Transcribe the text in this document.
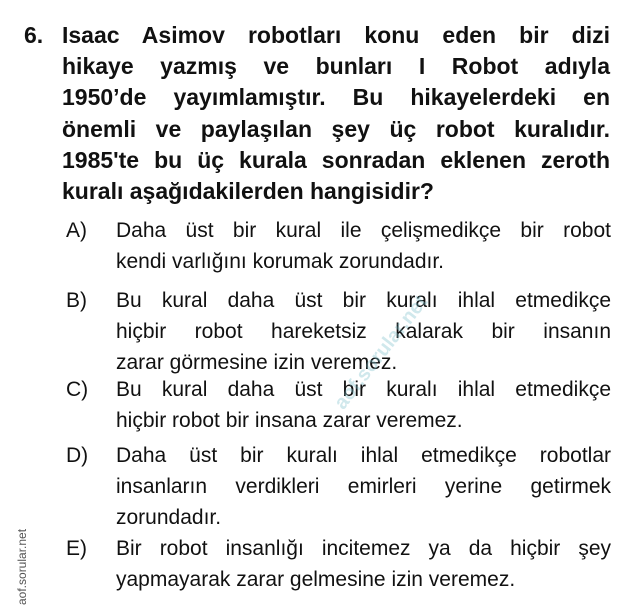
6. Isaac Asimov robotları konu eden bir dizi
hikaye yazmış ve bunları I Robot adıyla
1950’de yayımlamıştır. Bu hikayelerdeki en
önemli ve paylaşılan şey üç robot kuralıdır.
1985'te bu üç kurala sonradan eklenen zeroth
kuralı aşağıdakilerden hangisidir?
A) Daha üst bir kural ile çelişmedikçe bir robot
kendi varlığını korumak zorundadır.
B) Bu kural daha üst bir kuralı ihlal etmedikçe
hiçbir robot hareketsiz kalarak bir insanın
zarar görmesine izin veremez.
C) Bu kural daha üst bir kuralı ihlal etmedikçe
hiçbir robot bir insana zarar veremez.
D) Daha üst bir kuralı ihlal etmedikçe robotlar
insanların verdikleri emirleri yerine getirmek
zorundadır.
E) Bir robot insanlığı incitemez ya da hiçbir şey
yapmayarak zarar gelmesine izin veremez.
aof.sorular.net
aof.sorular.net
